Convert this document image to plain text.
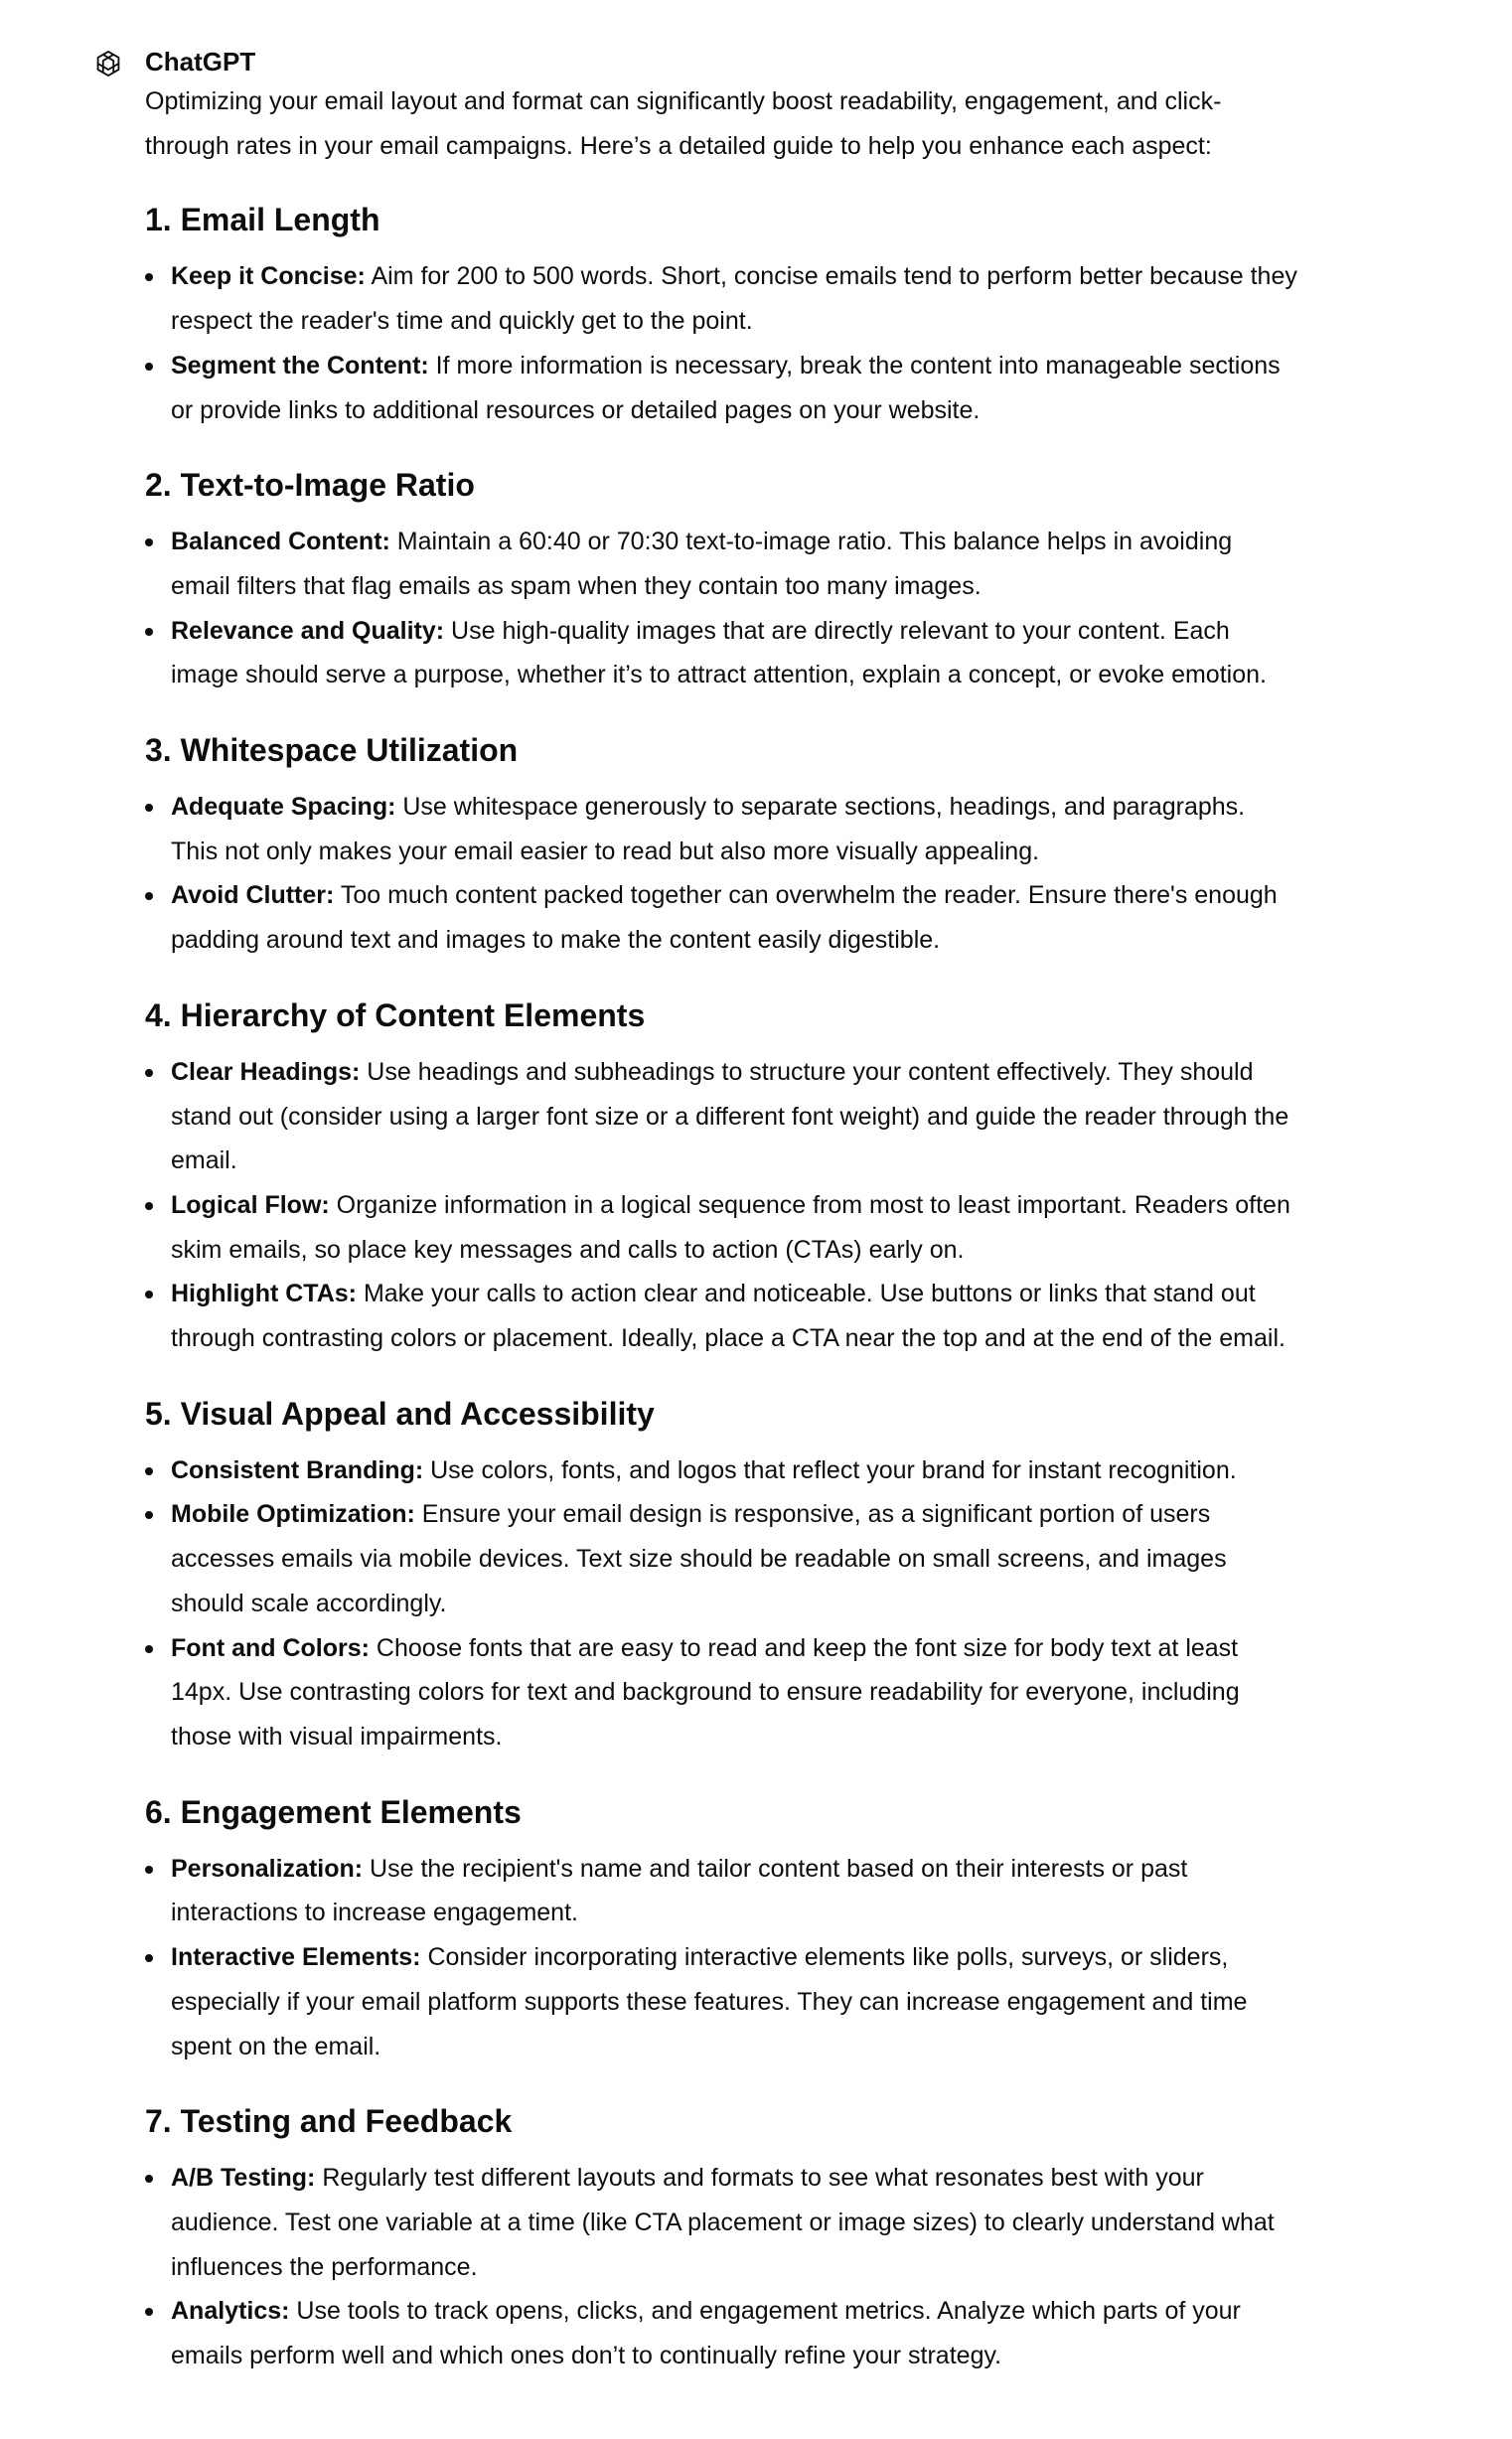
ChatGPT

Optimizing your email layout and format can significantly boost readability, engagement, and click-through rates in your email campaigns. Here’s a detailed guide to help you enhance each aspect:

1. Email Length
Keep it Concise: Aim for 200 to 500 words. Short, concise emails tend to perform better because they respect the reader's time and quickly get to the point.
Segment the Content: If more information is necessary, break the content into manageable sections or provide links to additional resources or detailed pages on your website.
2. Text-to-Image Ratio
Balanced Content: Maintain a 60:40 or 70:30 text-to-image ratio. This balance helps in avoiding email filters that flag emails as spam when they contain too many images.
Relevance and Quality: Use high-quality images that are directly relevant to your content. Each image should serve a purpose, whether it’s to attract attention, explain a concept, or evoke emotion.
3. Whitespace Utilization
Adequate Spacing: Use whitespace generously to separate sections, headings, and paragraphs. This not only makes your email easier to read but also more visually appealing.
Avoid Clutter: Too much content packed together can overwhelm the reader. Ensure there's enough padding around text and images to make the content easily digestible.
4. Hierarchy of Content Elements
Clear Headings: Use headings and subheadings to structure your content effectively. They should stand out (consider using a larger font size or a different font weight) and guide the reader through the email.
Logical Flow: Organize information in a logical sequence from most to least important. Readers often skim emails, so place key messages and calls to action (CTAs) early on.
Highlight CTAs: Make your calls to action clear and noticeable. Use buttons or links that stand out through contrasting colors or placement. Ideally, place a CTA near the top and at the end of the email.
5. Visual Appeal and Accessibility
Consistent Branding: Use colors, fonts, and logos that reflect your brand for instant recognition.
Mobile Optimization: Ensure your email design is responsive, as a significant portion of users accesses emails via mobile devices. Text size should be readable on small screens, and images should scale accordingly.
Font and Colors: Choose fonts that are easy to read and keep the font size for body text at least 14px. Use contrasting colors for text and background to ensure readability for everyone, including those with visual impairments.
6. Engagement Elements
Personalization: Use the recipient's name and tailor content based on their interests or past interactions to increase engagement.
Interactive Elements: Consider incorporating interactive elements like polls, surveys, or sliders, especially if your email platform supports these features. They can increase engagement and time spent on the email.
7. Testing and Feedback
A/B Testing: Regularly test different layouts and formats to see what resonates best with your audience. Test one variable at a time (like CTA placement or image sizes) to clearly understand what influences the performance.
Analytics: Use tools to track opens, clicks, and engagement metrics. Analyze which parts of your emails perform well and which ones don’t to continually refine your strategy.
